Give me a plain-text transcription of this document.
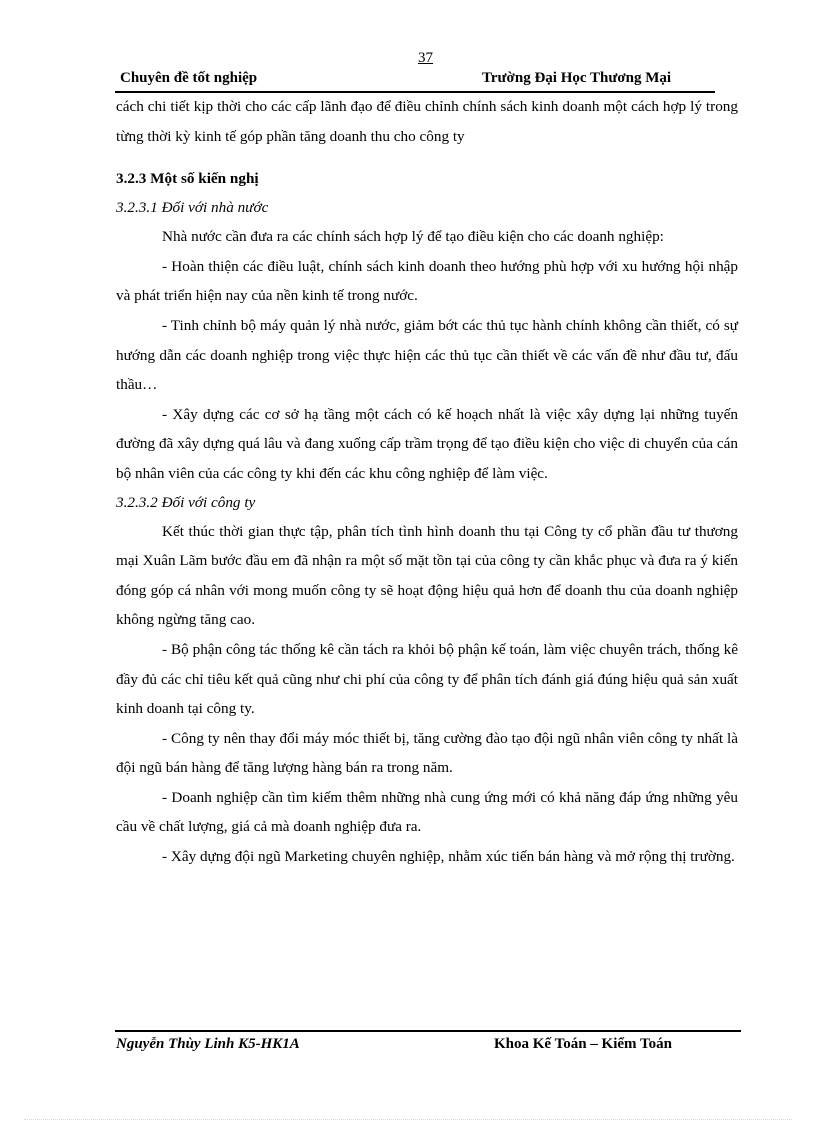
37
Chuyên đề tốt nghiệp	Trường Đại Học Thương Mại

cách chi tiết kịp thời cho các cấp lãnh đạo để điều chỉnh chính sách kinh doanh một cách hợp lý trong từng thời kỳ kinh tế góp phần tăng doanh thu cho công ty

3.2.3 Một số kiến nghị

3.2.3.1 Đối với nhà nước

Nhà nước cần đưa ra các chính sách hợp lý để tạo điều kiện cho các doanh nghiệp:

- Hoàn thiện các điều luật, chính sách kinh doanh theo hướng phù hợp với xu hướng hội nhập và phát triển hiện nay của nền kinh tế trong nước.

- Tinh chỉnh bộ máy quản lý nhà nước, giảm bớt các thủ tục hành chính không cần thiết, có sự hướng dẫn các doanh nghiệp trong việc thực hiện các thủ tục cần thiết về các vấn đề như đầu tư, đấu thầu…

- Xây dựng các cơ sở hạ tầng một cách có kế hoạch nhất là việc xây dựng lại những tuyến đường đã xây dựng quá lâu và đang xuống cấp trầm trọng để tạo điều kiện cho việc di chuyển của cán bộ nhân viên của các công ty khi đến các khu công nghiệp để làm việc.

3.2.3.2 Đối với công ty

Kết thúc thời gian thực tập, phân tích tình hình doanh thu tại Công ty cổ phần đầu tư thương mại Xuân Lãm bước đầu em đã nhận ra một số mặt tồn tại của công ty cần khắc phục và đưa ra ý kiến đóng góp cá nhân với mong muốn công ty sẽ hoạt động hiệu quả hơn để doanh thu của doanh nghiệp không ngừng tăng cao.

- Bộ phận công tác thống kê cần tách ra khỏi bộ phận kế toán, làm việc chuyên trách, thống kê đầy đủ các chỉ tiêu kết quả cũng như chi phí của công ty để phân tích đánh giá đúng hiệu quả sản xuất kinh doanh tại công ty.

- Công ty nên thay đổi máy móc thiết bị, tăng cường đào tạo đội ngũ nhân viên công ty nhất là đội ngũ bán hàng để tăng lượng hàng bán ra trong năm.

- Doanh nghiệp cần tìm kiếm thêm những nhà cung ứng mới có khả năng đáp ứng những yêu cầu về chất lượng, giá cả mà doanh nghiệp đưa ra.

- Xây dựng đội ngũ Marketing chuyên nghiệp, nhằm xúc tiến bán hàng và mở rộng thị trường.

Nguyễn Thùy Linh K5-HK1A	Khoa Kế Toán – Kiểm Toán
